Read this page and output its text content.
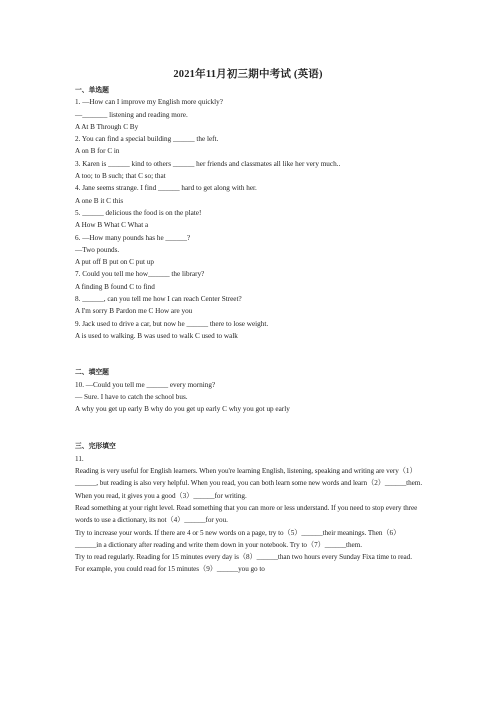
2021年11月初三期中考试 (英语)
一、单选题
1. —How can I improve my English more quickly?
—_______ listening and reading more.
A At B Through C By
2. You can find a special building ______ the left.
A on B for C in
3. Karen is ______ kind to others ______ her friends and classmates all like her very much..
A too; to B such; that C so; that
4. Jane seems strange. I find ______ hard to get along with her.
A one B it C this
5. ______ delicious the food is on the plate!
A How B What C What a
6. —How many pounds has he ______?
—Two pounds.
A put off B put on C put up
7. Could you tell me how______ the library?
A finding B found C to find
8. ______, can you tell me how I can reach Center Street?
A I'm sorry B Pardon me C How are you
9. Jack used to drive a car, but now he ______ there to lose weight.
A is used to walking. B was used to walk C used to walk
二、填空题
10. —Could you tell me ______ every morning?
— Sure. I have to catch the school bus.
A why you get up early B why do you get up early C why you got up early
三、完形填空
11.
Reading is very useful for English learners. When you're learning English, listening, speaking and writing are very（1）______, but reading is also very helpful. When you read, you can both learn some new words and learn（2）______them. When you read, it gives you a good（3）______for writing.
Read something at your right level. Read something that you can more or less understand. If you need to stop every three words to use a dictionary, its not（4）______for you.
Try to increase your words. If there are 4 or 5 new words on a page, try to（5）______their meanings. Then（6）______in a dictionary after reading and write them down in your notebook. Try to（7）______them.
Try to read regularly. Reading for 15 minutes every day is（8）______than two hours every Sunday Fixa time to read. For example, you could read for 15 minutes（9）______you go to
